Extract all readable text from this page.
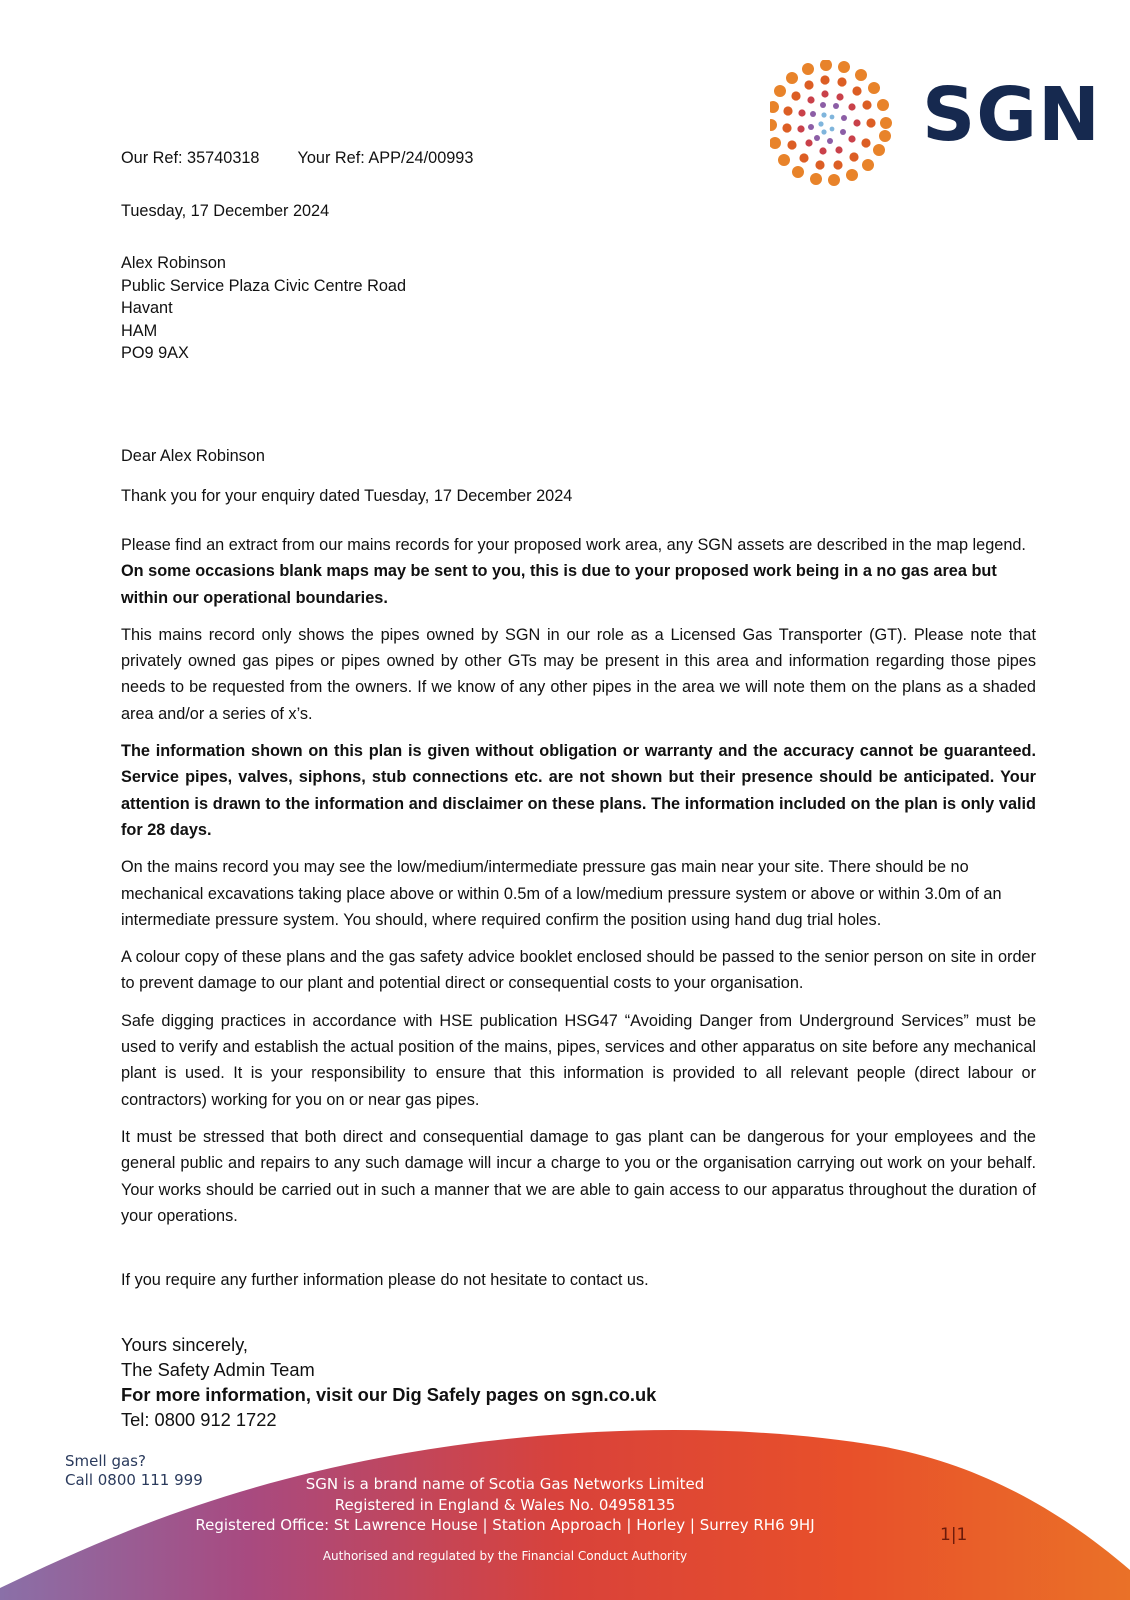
SGN
Our Ref: 35740318 Your Ref: APP/24/00993
Tuesday, 17 December 2024
Alex Robinson
Public Service Plaza Civic Centre Road
Havant
HAM
PO9 9AX
Dear Alex Robinson
Thank you for your enquiry dated Tuesday, 17 December 2024

Please find an extract from our mains records for your proposed work area, any SGN assets are described in the map legend. On some occasions blank maps may be sent to you, this is due to your proposed work being in a no gas area but within our operational boundaries.

This mains record only shows the pipes owned by SGN in our role as a Licensed Gas Transporter (GT). Please note that privately owned gas pipes or pipes owned by other GTs may be present in this area and information regarding those pipes needs to be requested from the owners. If we know of any other pipes in the area we will note them on the plans as a shaded area and/or a series of x’s.

The information shown on this plan is given without obligation or warranty and the accuracy cannot be guaranteed. Service pipes, valves, siphons, stub connections etc. are not shown but their presence should be anticipated. Your attention is drawn to the information and disclaimer on these plans. The information included on the plan is only valid for 28 days.

On the mains record you may see the low/medium/intermediate pressure gas main near your site. There should be no mechanical excavations taking place above or within 0.5m of a low/medium pressure system or above or within 3.0m of an intermediate pressure system. You should, where required confirm the position using hand dug trial holes.

A colour copy of these plans and the gas safety advice booklet enclosed should be passed to the senior person on site in order to prevent damage to our plant and potential direct or consequential costs to your organisation.

Safe digging practices in accordance with HSE publication HSG47 “Avoiding Danger from Underground Services” must be used to verify and establish the actual position of the mains, pipes, services and other apparatus on site before any mechanical plant is used. It is your responsibility to ensure that this information is provided to all relevant people (direct labour or contractors) working for you on or near gas pipes.

It must be stressed that both direct and consequential damage to gas plant can be dangerous for your employees and the general public and repairs to any such damage will incur a charge to you or the organisation carrying out work on your behalf. Your works should be carried out in such a manner that we are able to gain access to our apparatus throughout the duration of your operations.

If you require any further information please do not hesitate to contact us.
Yours sincerely,
The Safety Admin Team
For more information, visit our Dig Safely pages on sgn.co.uk
Tel: 0800 912 1722
Smell gas?
Call 0800 111 999	SGN is a brand name of Scotia Gas Networks Limited
Registered in England & Wales No. 04958135
Registered Office: St Lawrence House | Station Approach | Horley | Surrey RH6 9HJ
Authorised and regulated by the Financial Conduct Authority
1|1
